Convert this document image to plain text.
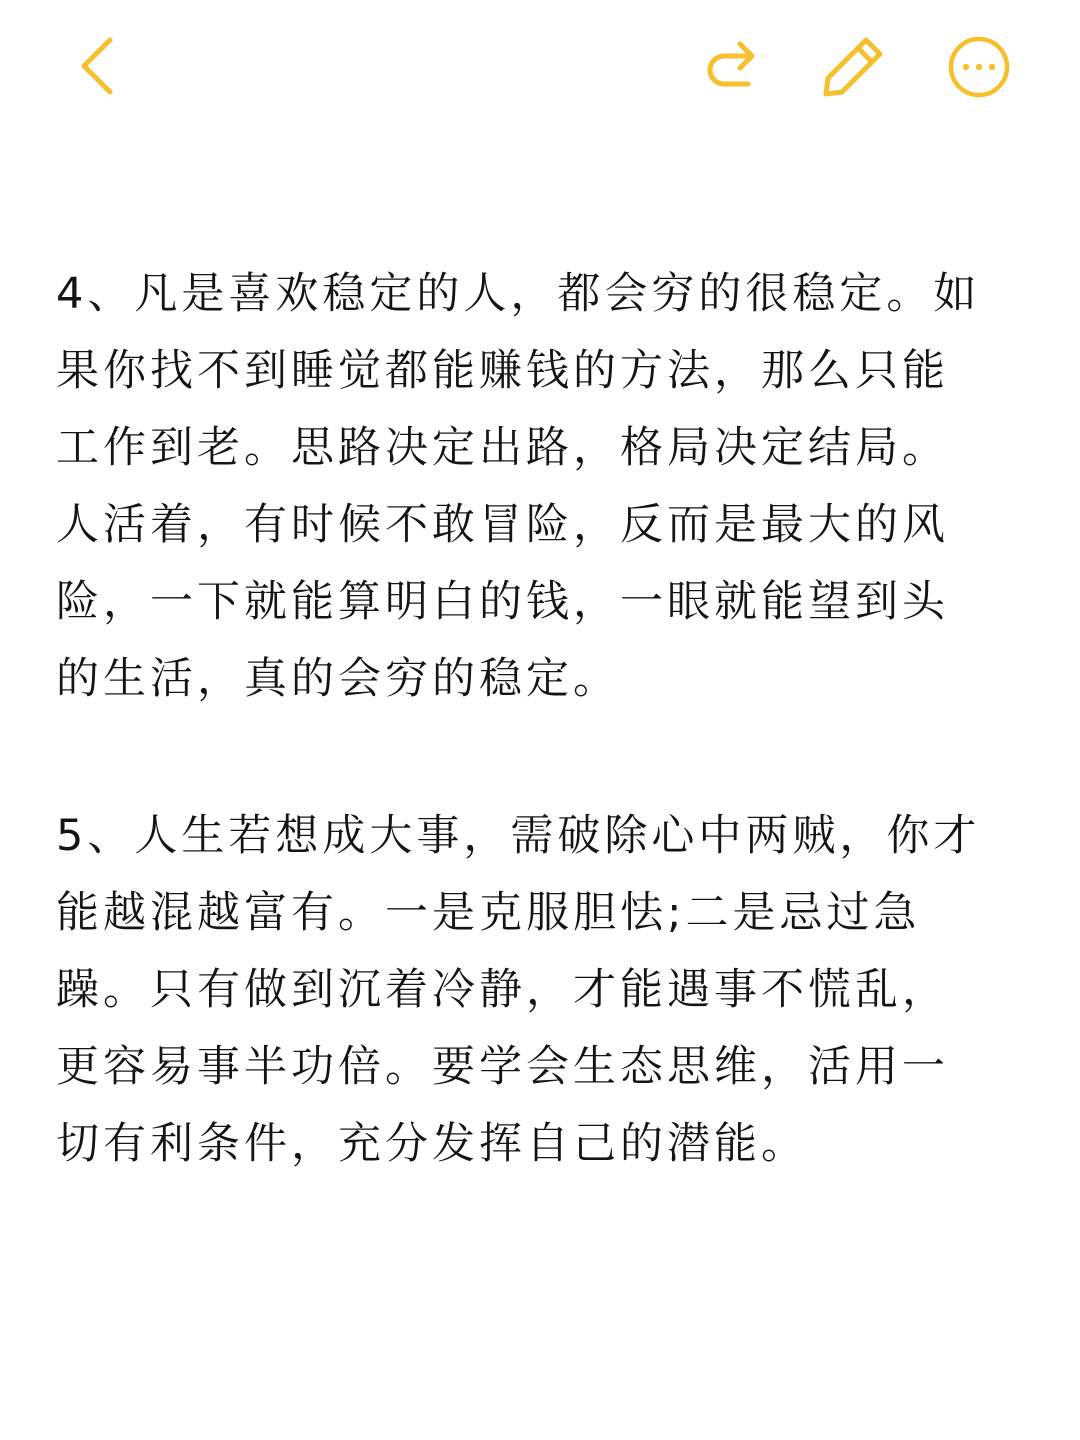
4、凡是喜欢稳定的人，都会穷的很稳定。如
果你找不到睡觉都能赚钱的方法，那么只能
工作到老。思路决定出路，格局决定结局。
人活着，有时候不敢冒险，反而是最大的风
险，一下就能算明白的钱，一眼就能望到头
的生活，真的会穷的稳定。

5、人生若想成大事，需破除心中两贼，你才
能越混越富有。一是克服胆怯;二是忌过急
躁。只有做到沉着冷静，才能遇事不慌乱，
更容易事半功倍。要学会生态思维，活用一
切有利条件，充分发挥自己的潜能。
